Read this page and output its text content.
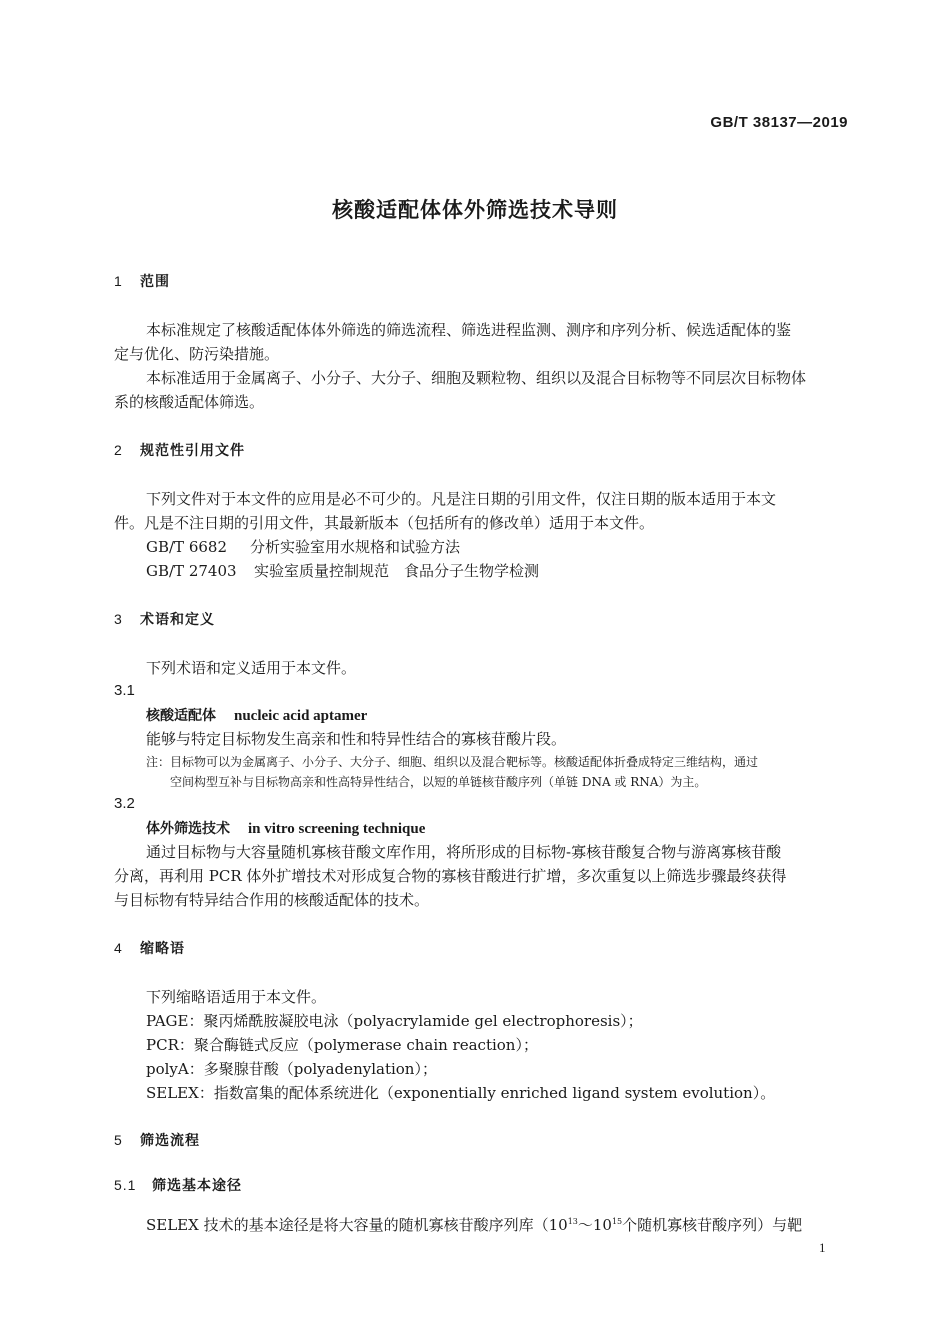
GB/T 38137—2019
核酸适配体体外筛选技术导则
1 范围
本标准规定了核酸适配体体外筛选的筛选流程、筛选进程监测、测序和序列分析、候选适配体的鉴
定与优化、防污染措施。
本标准适用于金属离子、小分子、大分子、细胞及颗粒物、组织以及混合目标物等不同层次目标物体
系的核酸适配体筛选。
2 规范性引用文件
下列文件对于本文件的应用是必不可少的。凡是注日期的引用文件，仅注日期的版本适用于本文
件。凡是不注日期的引用文件，其最新版本（包括所有的修改单）适用于本文件。
GB/T 6682 分析实验室用水规格和试验方法
GB/T 27403 实验室质量控制规范　食品分子生物学检测
3 术语和定义
下列术语和定义适用于本文件。
3.1
核酸适配体 nucleic acid aptamer
能够与特定目标物发生高亲和性和特异性结合的寡核苷酸片段。
注：目标物可以为金属离子、小分子、大分子、细胞、组织以及混合靶标等。核酸适配体折叠成特定三维结构，通过
空间构型互补与目标物高亲和性高特异性结合，以短的单链核苷酸序列（单链 DNA 或 RNA）为主。
3.2
体外筛选技术 in vitro screening technique
通过目标物与大容量随机寡核苷酸文库作用，将所形成的目标物-寡核苷酸复合物与游离寡核苷酸
分离，再利用 PCR 体外扩增技术对形成复合物的寡核苷酸进行扩增，多次重复以上筛选步骤最终获得
与目标物有特异结合作用的核酸适配体的技术。
4 缩略语
下列缩略语适用于本文件。
PAGE：聚丙烯酰胺凝胶电泳（polyacrylamide gel electrophoresis）；
PCR：聚合酶链式反应（polymerase chain reaction）；
polyA：多聚腺苷酸（polyadenylation）；
SELEX：指数富集的配体系统进化（exponentially enriched ligand system evolution）。
5 筛选流程
5.1 筛选基本途径
SELEX 技术的基本途径是将大容量的随机寡核苷酸序列库（$10^{13}\sim 10^{15}$个随机寡核苷酸序列）与靶
1
